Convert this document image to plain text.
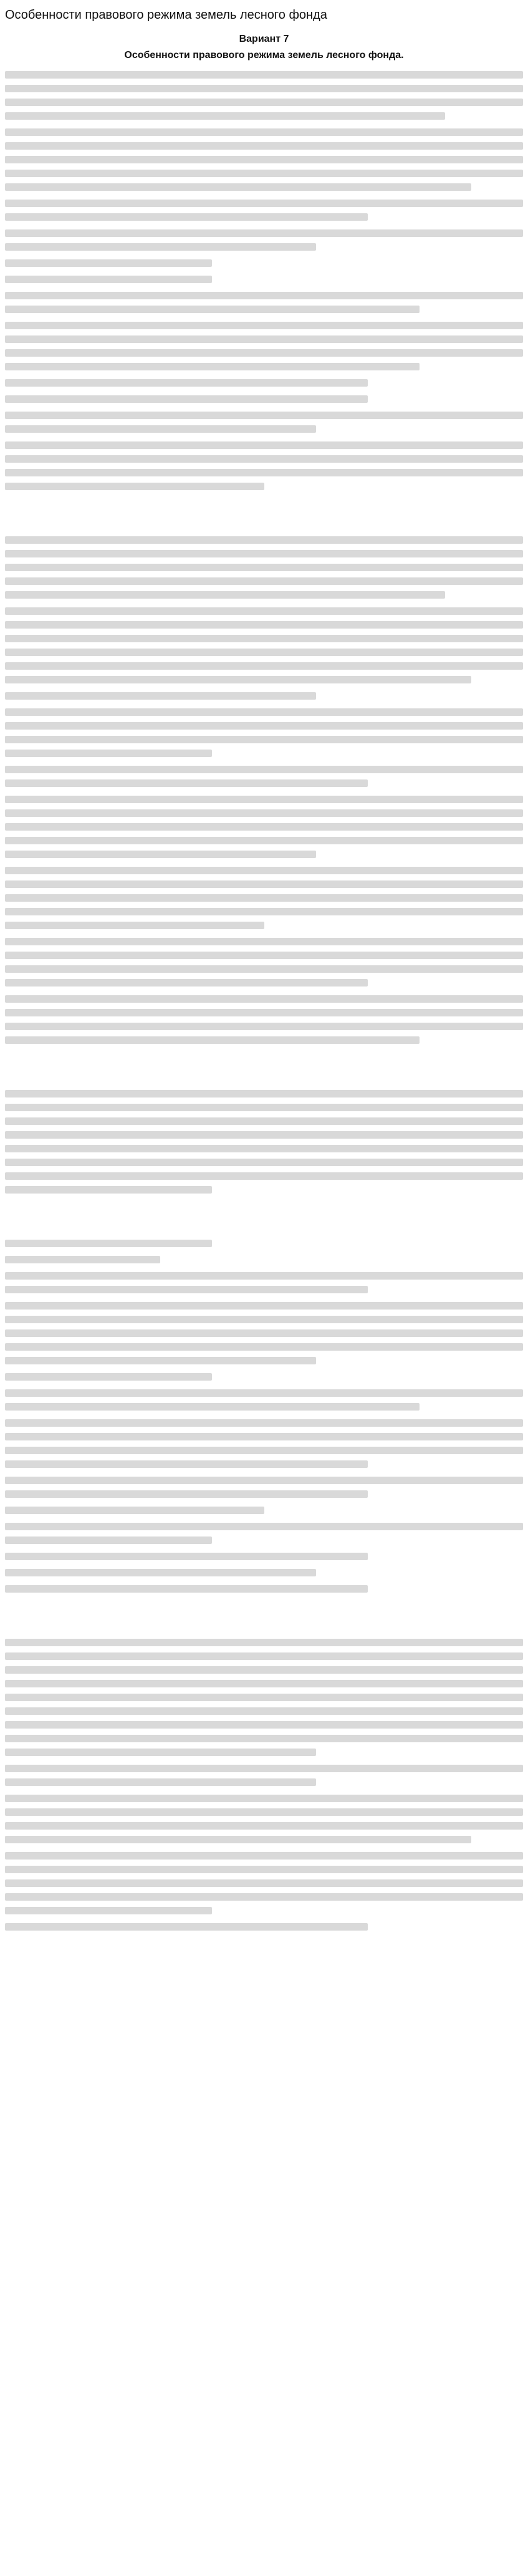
Особенности правового режима земель лесного фонда
Вариант 7
Особенности правового режима земель лесного фонда.
